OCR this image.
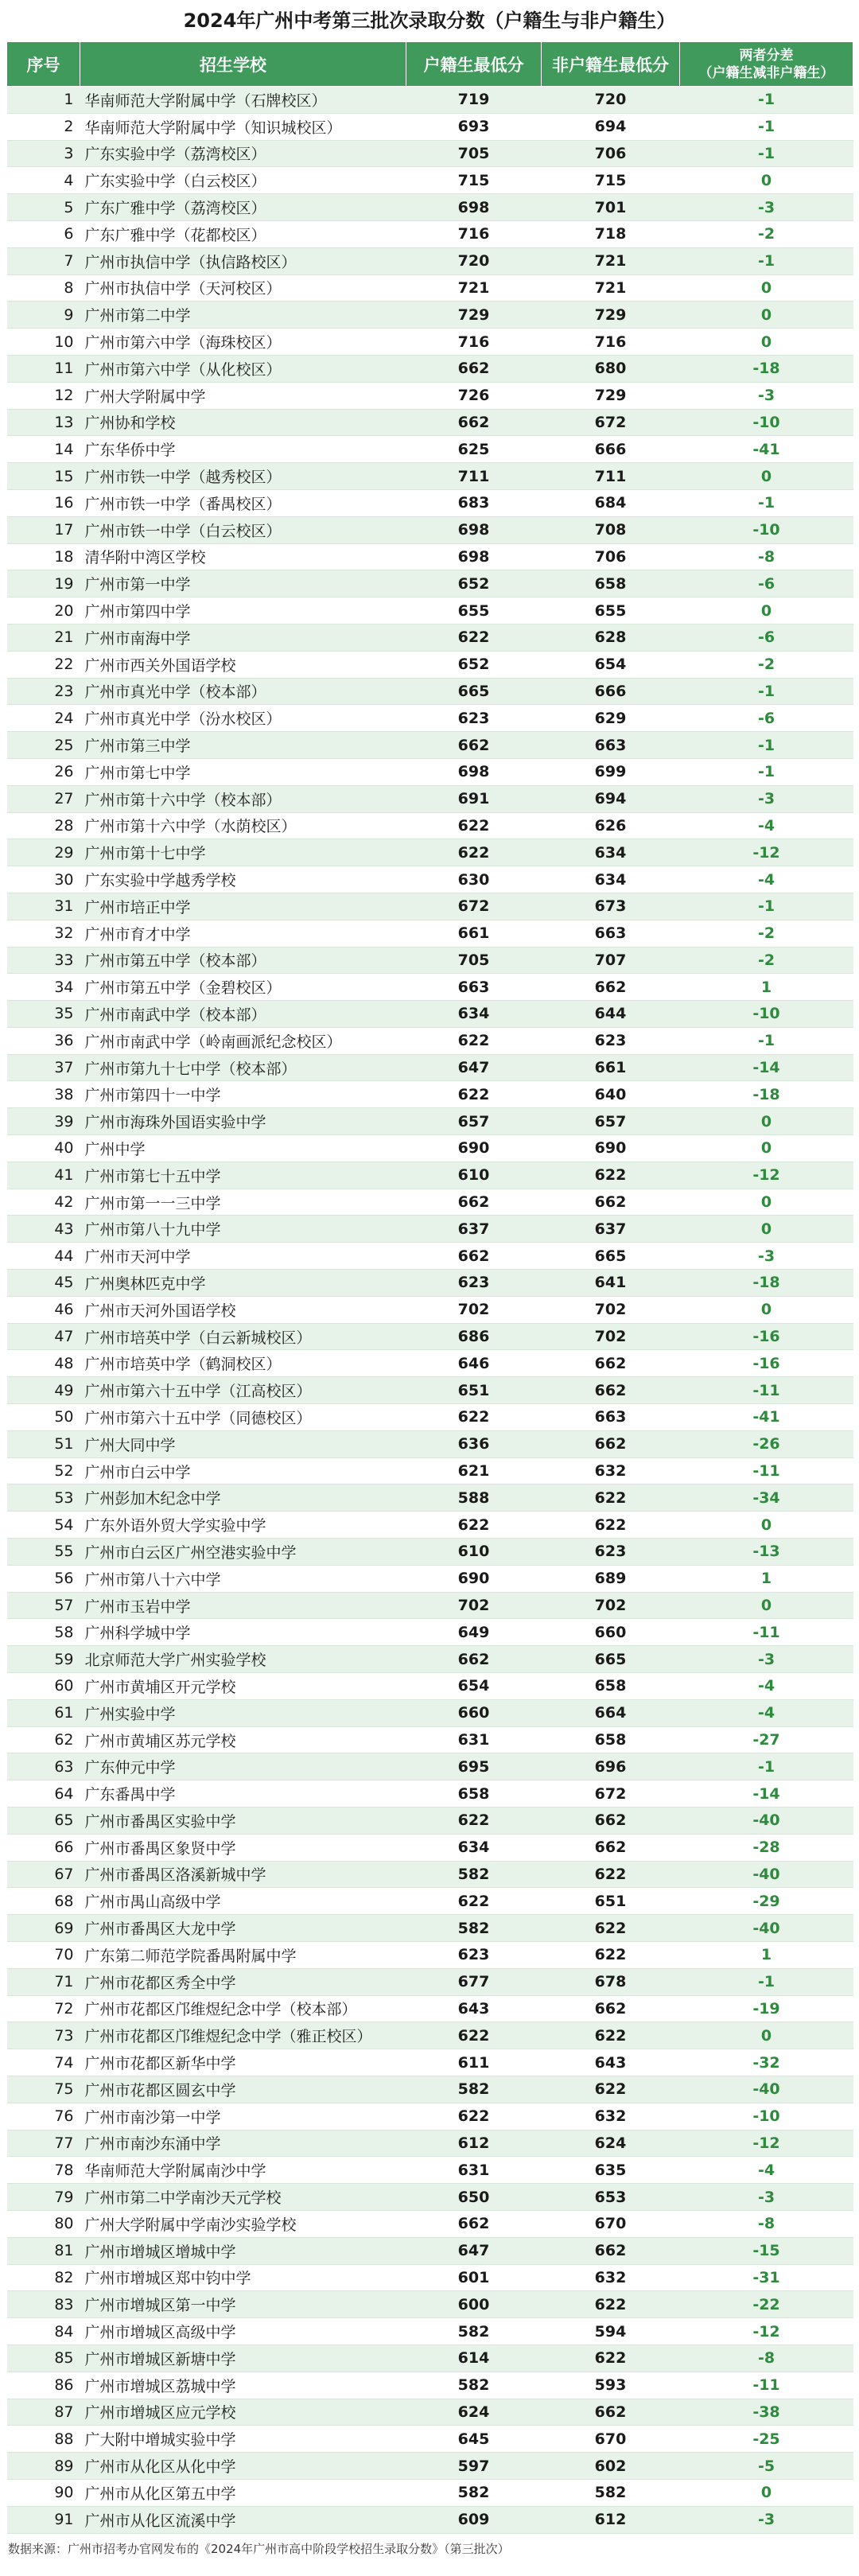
2024年广州中考第三批次录取分数（户籍生与非户籍生）
序号	招生学校	户籍生最低分	非户籍生最低分	两者分差
（户籍生减非户籍生）

1	华南师范大学附属中学（石牌校区）	719	720	-1
2	华南师范大学附属中学（知识城校区）	693	694	-1
3	广东实验中学（荔湾校区）	705	706	-1
4	广东实验中学（白云校区）	715	715	0
5	广东广雅中学（荔湾校区）	698	701	-3
6	广东广雅中学（花都校区）	716	718	-2
7	广州市执信中学（执信路校区）	720	721	-1
8	广州市执信中学（天河校区）	721	721	0
9	广州市第二中学	729	729	0
10	广州市第六中学（海珠校区）	716	716	0
11	广州市第六中学（从化校区）	662	680	-18
12	广州大学附属中学	726	729	-3
13	广州协和学校	662	672	-10
14	广东华侨中学	625	666	-41
15	广州市铁一中学（越秀校区）	711	711	0
16	广州市铁一中学（番禺校区）	683	684	-1
17	广州市铁一中学（白云校区）	698	708	-10
18	清华附中湾区学校	698	706	-8
19	广州市第一中学	652	658	-6
20	广州市第四中学	655	655	0
21	广州市南海中学	622	628	-6
22	广州市西关外国语学校	652	654	-2
23	广州市真光中学（校本部）	665	666	-1
24	广州市真光中学（汾水校区）	623	629	-6
25	广州市第三中学	662	663	-1
26	广州市第七中学	698	699	-1
27	广州市第十六中学（校本部）	691	694	-3
28	广州市第十六中学（水荫校区）	622	626	-4
29	广州市第十七中学	622	634	-12
30	广东实验中学越秀学校	630	634	-4
31	广州市培正中学	672	673	-1
32	广州市育才中学	661	663	-2
33	广州市第五中学（校本部）	705	707	-2
34	广州市第五中学（金碧校区）	663	662	1
35	广州市南武中学（校本部）	634	644	-10
36	广州市南武中学（岭南画派纪念校区）	622	623	-1
37	广州市第九十七中学（校本部）	647	661	-14
38	广州市第四十一中学	622	640	-18
39	广州市海珠外国语实验中学	657	657	0
40	广州中学	690	690	0
41	广州市第七十五中学	610	622	-12
42	广州市第一一三中学	662	662	0
43	广州市第八十九中学	637	637	0
44	广州市天河中学	662	665	-3
45	广州奥林匹克中学	623	641	-18
46	广州市天河外国语学校	702	702	0
47	广州市培英中学（白云新城校区）	686	702	-16
48	广州市培英中学（鹤洞校区）	646	662	-16
49	广州市第六十五中学（江高校区）	651	662	-11
50	广州市第六十五中学（同德校区）	622	663	-41
51	广州大同中学	636	662	-26
52	广州市白云中学	621	632	-11
53	广州彭加木纪念中学	588	622	-34
54	广东外语外贸大学实验中学	622	622	0
55	广州市白云区广州空港实验中学	610	623	-13
56	广州市第八十六中学	690	689	1
57	广州市玉岩中学	702	702	0
58	广州科学城中学	649	660	-11
59	北京师范大学广州实验学校	662	665	-3
60	广州市黄埔区开元学校	654	658	-4
61	广州实验中学	660	664	-4
62	广州市黄埔区苏元学校	631	658	-27
63	广东仲元中学	695	696	-1
64	广东番禺中学	658	672	-14
65	广州市番禺区实验中学	622	662	-40
66	广州市番禺区象贤中学	634	662	-28
67	广州市番禺区洛溪新城中学	582	622	-40
68	广州市禺山高级中学	622	651	-29
69	广州市番禺区大龙中学	582	622	-40
70	广东第二师范学院番禺附属中学	623	622	1
71	广州市花都区秀全中学	677	678	-1
72	广州市花都区邝维煜纪念中学（校本部）	643	662	-19
73	广州市花都区邝维煜纪念中学（雅正校区）	622	622	0
74	广州市花都区新华中学	611	643	-32
75	广州市花都区圆玄中学	582	622	-40
76	广州市南沙第一中学	622	632	-10
77	广州市南沙东涌中学	612	624	-12
78	华南师范大学附属南沙中学	631	635	-4
79	广州市第二中学南沙天元学校	650	653	-3
80	广州大学附属中学南沙实验学校	662	670	-8
81	广州市增城区增城中学	647	662	-15
82	广州市增城区郑中钧中学	601	632	-31
83	广州市增城区第一中学	600	622	-22
84	广州市增城区高级中学	582	594	-12
85	广州市增城区新塘中学	614	622	-8
86	广州市增城区荔城中学	582	593	-11
87	广州市增城区应元学校	624	662	-38
88	广大附中增城实验中学	645	670	-25
89	广州市从化区从化中学	597	602	-5
90	广州市从化区第五中学	582	582	0
91	广州市从化区流溪中学	609	612	-3
数据来源：广州市招考办官网发布的《2024年广州市高中阶段学校招生录取分数》（第三批次）
